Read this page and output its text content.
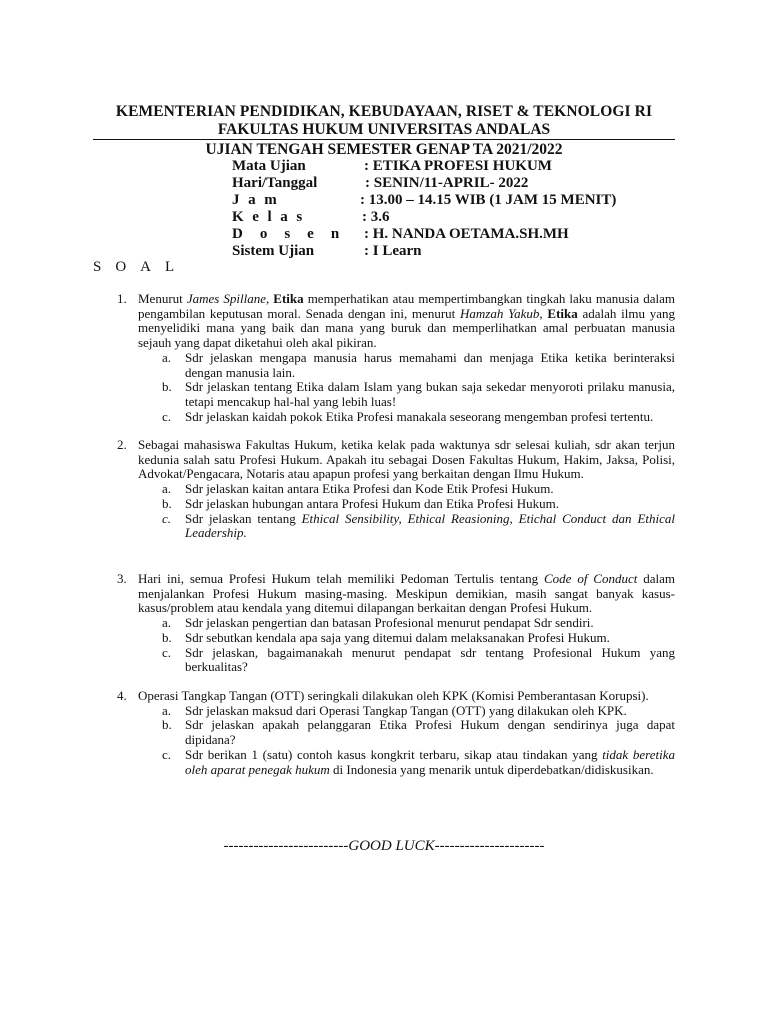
KEMENTERIAN PENDIDIKAN, KEBUDAYAAN, RISET & TEKNOLOGI RI
FAKULTAS HUKUM UNIVERSITAS ANDALAS
UJIAN TENGAH SEMESTER GENAP TA 2021/2022
Mata Ujian	: ETIKA PROFESI HUKUM
Hari/Tanggal	: SENIN/11-APRIL- 2022
Jam	: 13.00 – 14.15 WIB (1 JAM 15 MENIT)
Kelas	: 3.6
Dosen : H. NANDA OETAMA.SH.MH
Sistem Ujian	: I Learn
SOAL
1. Menurut James Spillane, Etika memperhatikan atau mempertimbangkan tingkah laku manusia dalam pengambilan keputusan moral. Senada dengan ini, menurut Hamzah Yakub, Etika adalah ilmu yang menyelidiki mana yang baik dan mana yang buruk dan memperlihatkan amal perbuatan manusia sejauh yang dapat diketahui oleh akal pikiran.
a. Sdr jelaskan mengapa manusia harus memahami dan menjaga Etika ketika berinteraksi dengan manusia lain.
b. Sdr jelaskan tentang Etika dalam Islam yang bukan saja sekedar menyoroti prilaku manusia, tetapi mencakup hal-hal yang lebih luas!
c. Sdr jelaskan kaidah pokok Etika Profesi manakala seseorang mengemban profesi tertentu.
2. Sebagai mahasiswa Fakultas Hukum, ketika kelak pada waktunya sdr selesai kuliah, sdr akan terjun kedunia salah satu Profesi Hukum. Apakah itu sebagai Dosen Fakultas Hukum, Hakim, Jaksa, Polisi, Advokat/Pengacara, Notaris atau apapun profesi yang berkaitan dengan Ilmu Hukum.
a. Sdr jelaskan kaitan antara Etika Profesi dan Kode Etik Profesi Hukum.
b. Sdr jelaskan hubungan antara Profesi Hukum dan Etika Profesi Hukum.
c. Sdr jelaskan tentang Ethical Sensibility, Ethical Reasioning, Etichal Conduct dan Ethical Leadership.
3. Hari ini, semua Profesi Hukum telah memiliki Pedoman Tertulis tentang Code of Conduct dalam menjalankan Profesi Hukum masing-masing. Meskipun demikian, masih sangat banyak kasus-kasus/problem atau kendala yang ditemui dilapangan berkaitan dengan Profesi Hukum.
a. Sdr jelaskan pengertian dan batasan Profesional menurut pendapat Sdr sendiri.
b. Sdr sebutkan kendala apa saja yang ditemui dalam melaksanakan Profesi Hukum.
c. Sdr jelaskan, bagaimanakah menurut pendapat sdr tentang Profesional Hukum yang berkualitas?
4. Operasi Tangkap Tangan (OTT) seringkali dilakukan oleh KPK (Komisi Pemberantasan Korupsi).
a. Sdr jelaskan maksud dari Operasi Tangkap Tangan (OTT) yang dilakukan oleh KPK.
b. Sdr jelaskan apakah pelanggaran Etika Profesi Hukum dengan sendirinya juga dapat dipidana?
c. Sdr berikan 1 (satu) contoh kasus kongkrit terbaru, sikap atau tindakan yang tidak beretika oleh aparat penegak hukum di Indonesia yang menarik untuk diperdebatkan/didiskusikan.
-------------------------GOOD LUCK----------------------
